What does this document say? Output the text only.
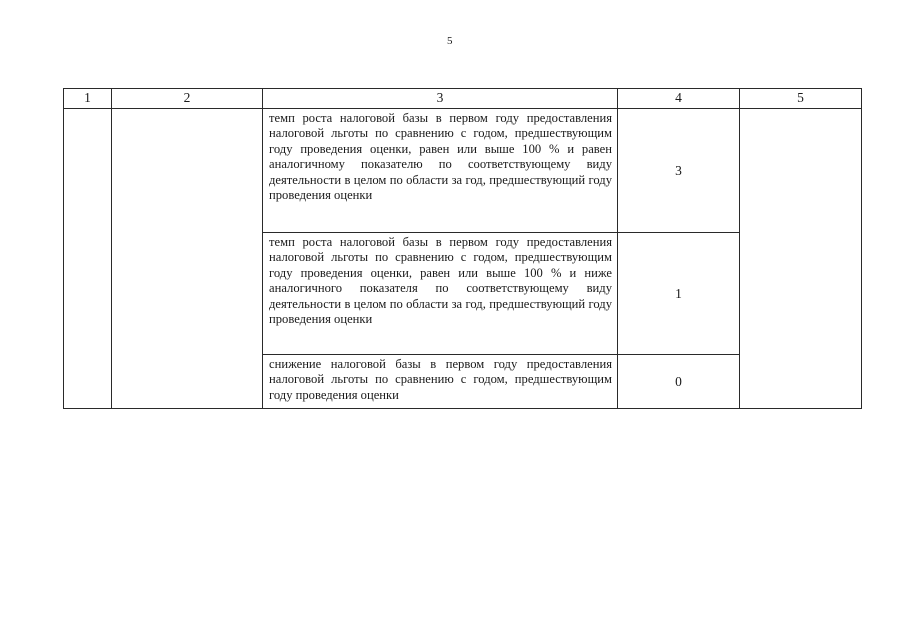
5
1	2	3	4	5
		темп роста налоговой базы в первом году предоставления налоговой льготы по сравнению с годом, предшествующим году проведения оценки, равен или выше 100 % и равен аналогичному показателю по соответствующему виду деятельности в целом по области за год, предшествующий году проведения оценки	3	
		темп роста налоговой базы в первом году предоставления налоговой льготы по сравнению с годом, предшествующим году проведения оценки, равен или выше 100 % и ниже аналогичного показателя по соответствующему виду деятельности в целом по области за год, предшествующий году проведения оценки	1	
		снижение налоговой базы в первом году предоставления налоговой льготы по сравнению с годом, предшествующим году проведения оценки	0	
